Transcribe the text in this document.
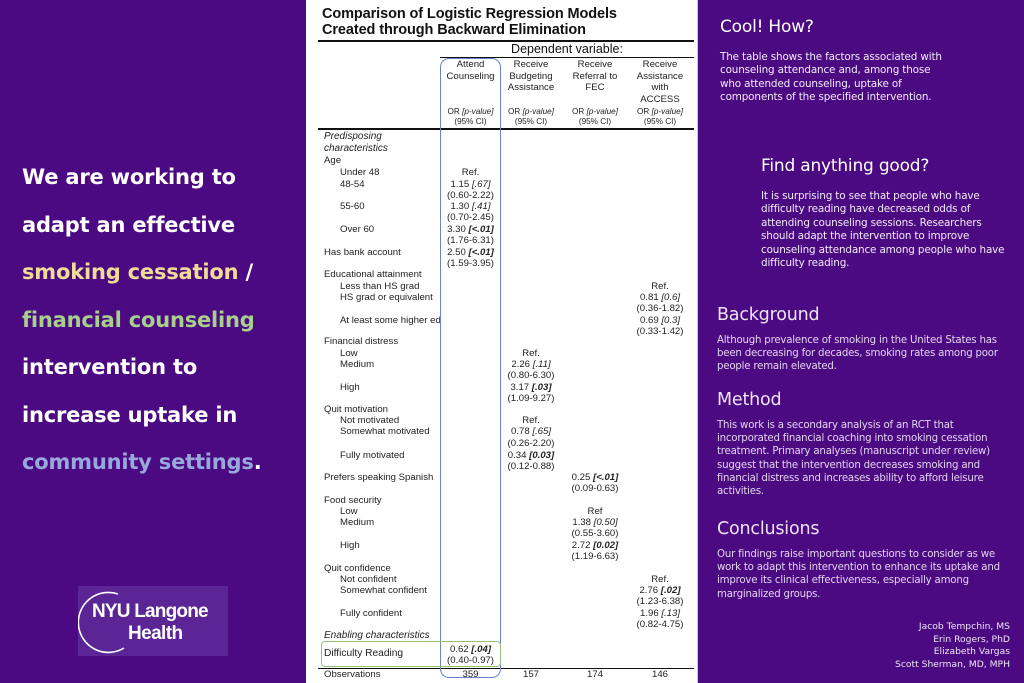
We are working to
adapt an effective
smoking cessation /
financial counseling
intervention to
increase uptake in
community settings.
NYU Langone
Health
Comparison of Logistic Regression Models
Created through Backward Elimination
Dependent variable:
Attend
Counseling
Receive
Budgeting
Assistance
Receive
Referral to
FEC
Receive
Assistance
with
ACCESS
OR [p-value]
(95% CI)
OR [p-value]
(95% CI)
OR [p-value]
(95% CI)
OR [p-value]
(95% CI)
Predisposing
characteristics
Age
Under 48
48-54
55-60
Over 60
Has bank account
Educational attainment
Less than HS grad
HS grad or equivalent
At least some higher ed
Financial distress
Low
Medium
High
Quit motivation
Not motivated
Somewhat motivated
Fully motivated
Prefers speaking Spanish
Food security
Low
Medium
High
Quit confidence
Not confident
Somewhat confident
Fully confident
Enabling characteristics
Difficulty Reading
Observations
Ref.
1.15 [.67]
(0.60-2.22)
1.30 [.41]
(0.70-2.45)
3.30 [<.01]
(1.76-6.31)
2.50 [<.01]
(1.59-3.95)
0.62 [.04]
(0.40-0.97)
359
Ref.
2.26 [.11]
(0.80-6.30)
3.17 [.03]
(1.09-9.27)
Ref.
0.78 [.65]
(0.26-2.20)
0.34 [0.03]
(0.12-0.88)
157
0.25 [<.01]
(0.09-0.63)
Ref
1.38 [0.50]
(0.55-3.60)
2.72 [0.02]
(1.19-6.63)
174
Ref.
0.81 [0.6]
(0.36-1.82)
0.69 [0.3]
(0.33-1.42)
Ref.
2.76 [.02]
(1.23-6.38)
1.96 [.13]
(0.82-4.75)
146
Cool! How?
The table shows the factors associated with counseling attendance and, among those who attended counseling, uptake of components of the specified intervention.
Find anything good?
It is surprising to see that people who have difficulty reading have decreased odds of attending counseling sessions. Researchers should adapt the intervention to improve counseling attendance among people who have difficulty reading.
Background
Although prevalence of smoking in the United States has been decreasing for decades, smoking rates among poor people remain elevated.
Method
This work is a secondary analysis of an RCT that incorporated financial coaching into smoking cessation treatment. Primary analyses (manuscript under review) suggest that the intervention decreases smoking and financial distress and increases ability to afford leisure activities.
Conclusions
Our findings raise important questions to consider as we work to adapt this intervention to enhance its uptake and improve its clinical effectiveness, especially among marginalized groups.
Jacob Tempchin, MS
Erin Rogers, PhD
Elizabeth Vargas
Scott Sherman, MD, MPH
